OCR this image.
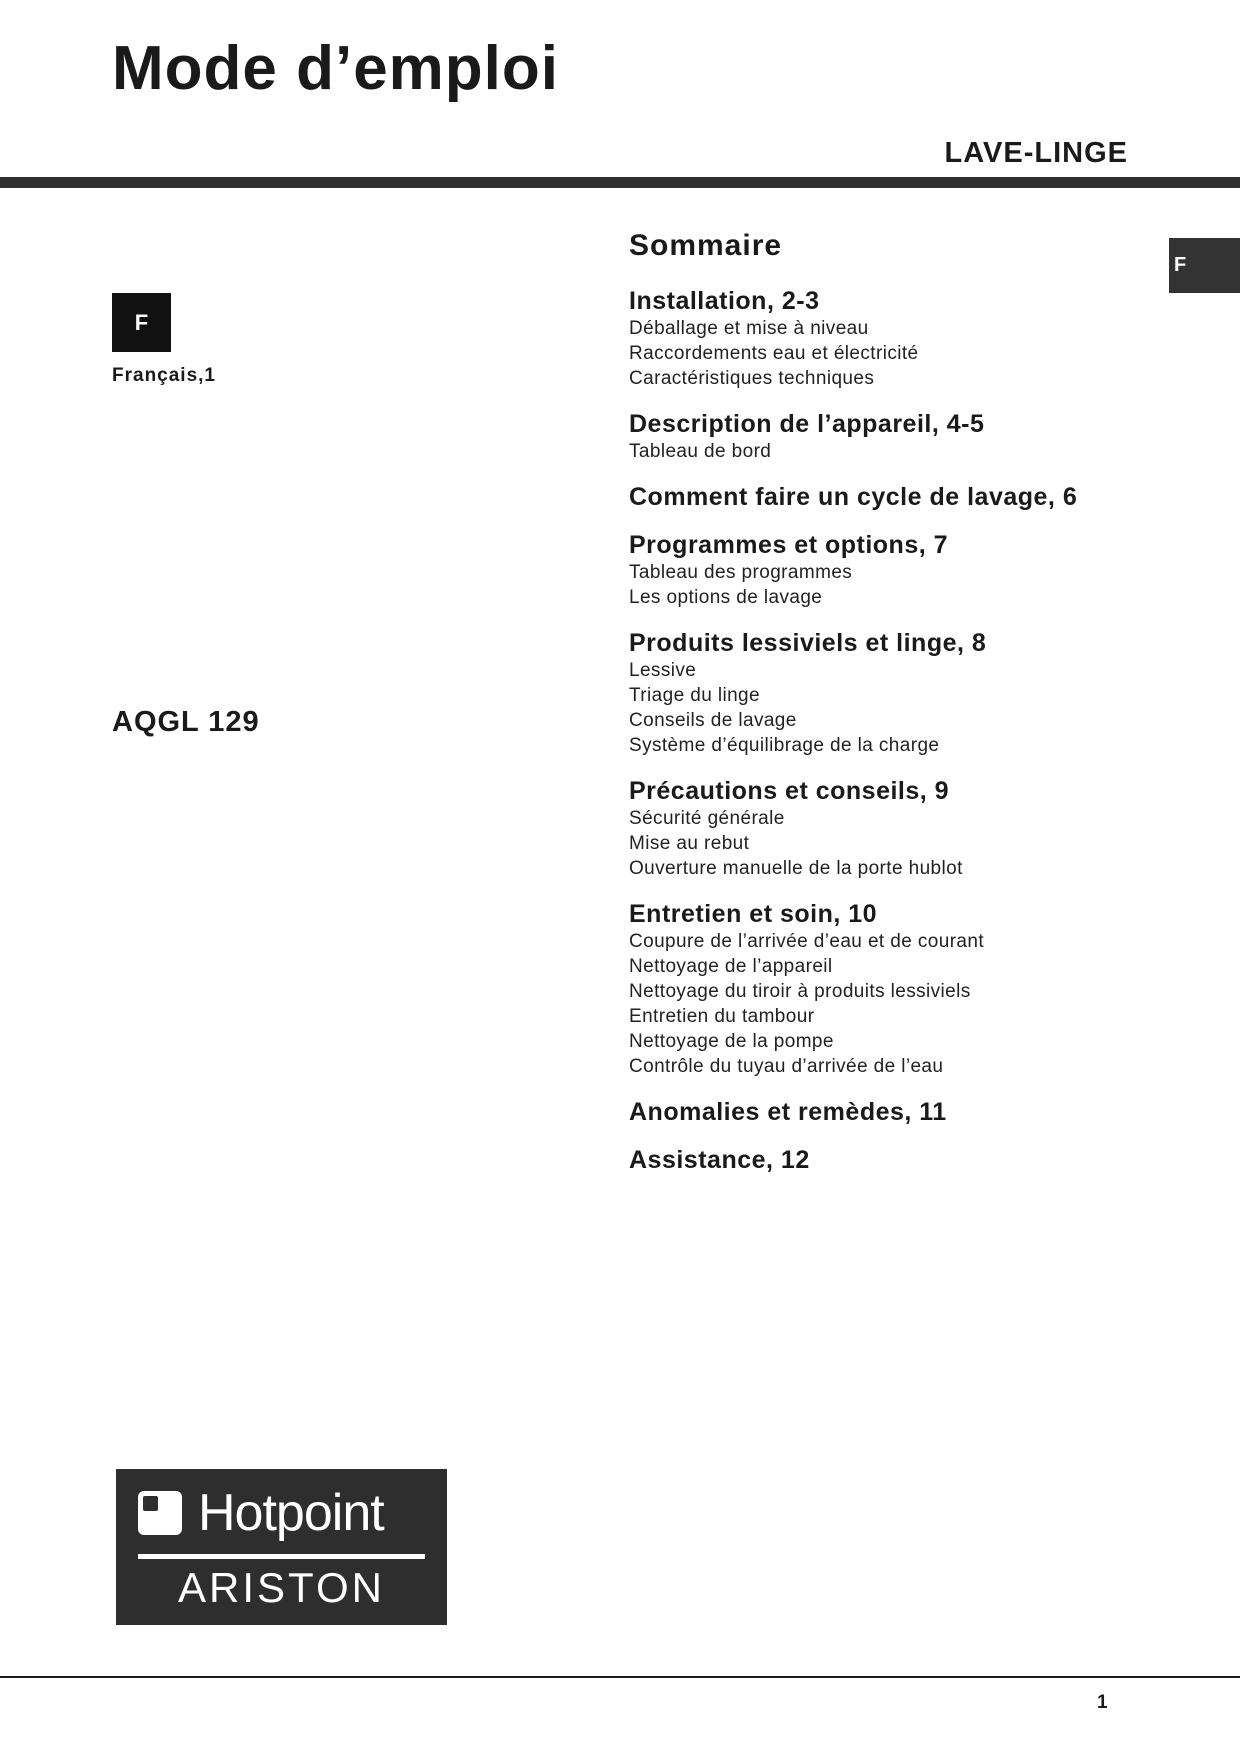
Mode d’emploi
LAVE-LINGE
F
Français,1
AQGL 129
F
Sommaire
Installation, 2-3
Déballage et mise à niveau
Raccordements eau et électricité
Caractéristiques techniques
Description de l’appareil, 4-5
Tableau de bord
Comment faire un cycle de lavage, 6
Programmes et options, 7
Tableau des programmes
Les options de lavage
Produits lessiviels et linge, 8
Lessive
Triage du linge
Conseils de lavage
Système d’équilibrage de la charge
Précautions et conseils, 9
Sécurité générale
Mise au rebut
Ouverture manuelle de la porte hublot
Entretien et soin, 10
Coupure de l’arrivée d’eau et de courant
Nettoyage de l’appareil
Nettoyage du tiroir à produits lessiviels
Entretien du tambour
Nettoyage de la pompe
Contrôle du tuyau d’arrivée de l’eau
Anomalies et remèdes, 11
Assistance, 12
Hotpoint
ARISTON
1
